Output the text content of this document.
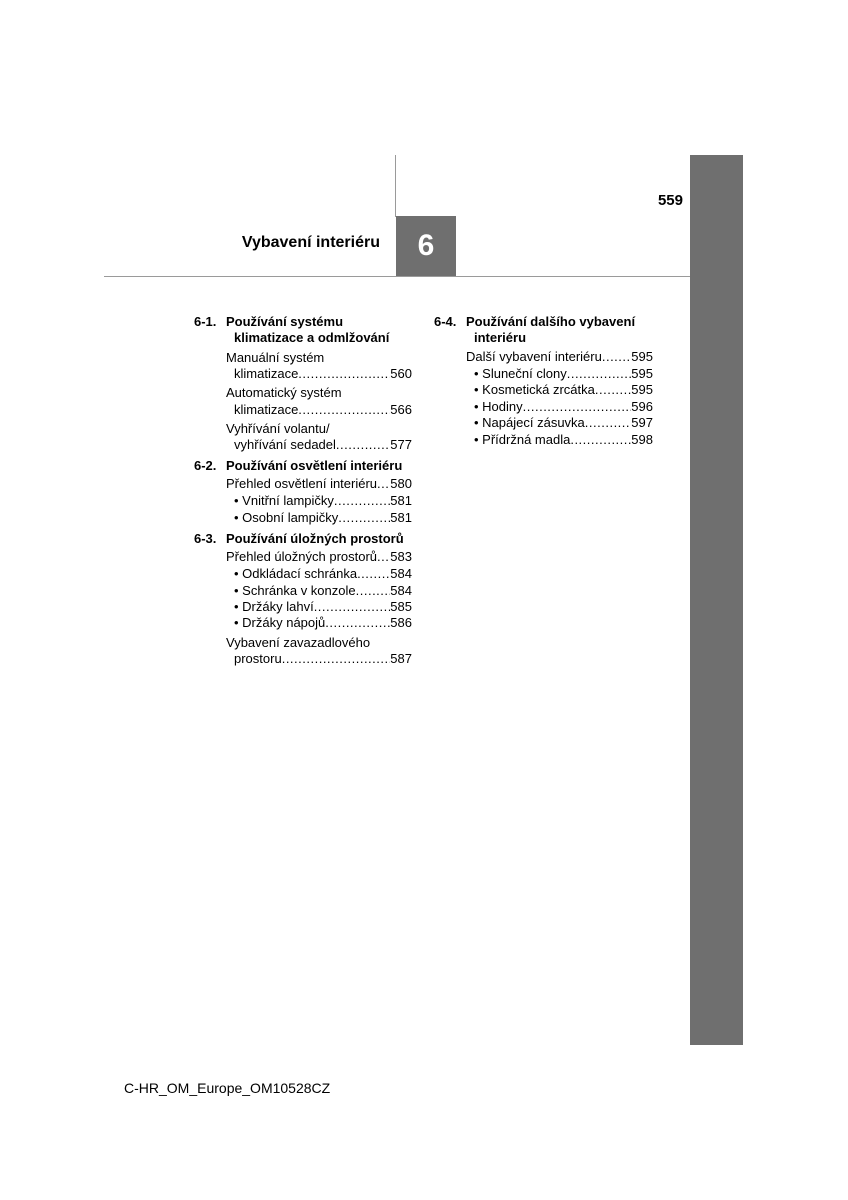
559
Vybavení interiéru	6
6-1. Používání systému
klimatizace a odmlžování
Manuální systém
klimatizace .....	560
Automatický systém
klimatizace .....	566
Vyhřívání volantu/
vyhřívání sedadel .....	577
6-2. Používání osvětlení interiéru
Přehled osvětlení interiéru ..... 580
• Vnitřní lampičky .....	581
• Osobní lampičky .....	581
6-3. Používání úložných prostorů
Přehled úložných prostorů ..... 583
• Odkládací schránka .....	584
• Schránka v konzole .....	584
• Držáky lahví .....	585
• Držáky nápojů .....	586
Vybavení zavazadlového
prostoru .....	587
6-4. Používání dalšího vybavení
interiéru
Další vybavení interiéru ..... 595
• Sluneční clony .....	595
• Kosmetická zrcátka .....	595
• Hodiny .....	596
• Napájecí zásuvka .....	597
• Přídržná madla .....	598
C-HR_OM_Europe_OM10528CZ
